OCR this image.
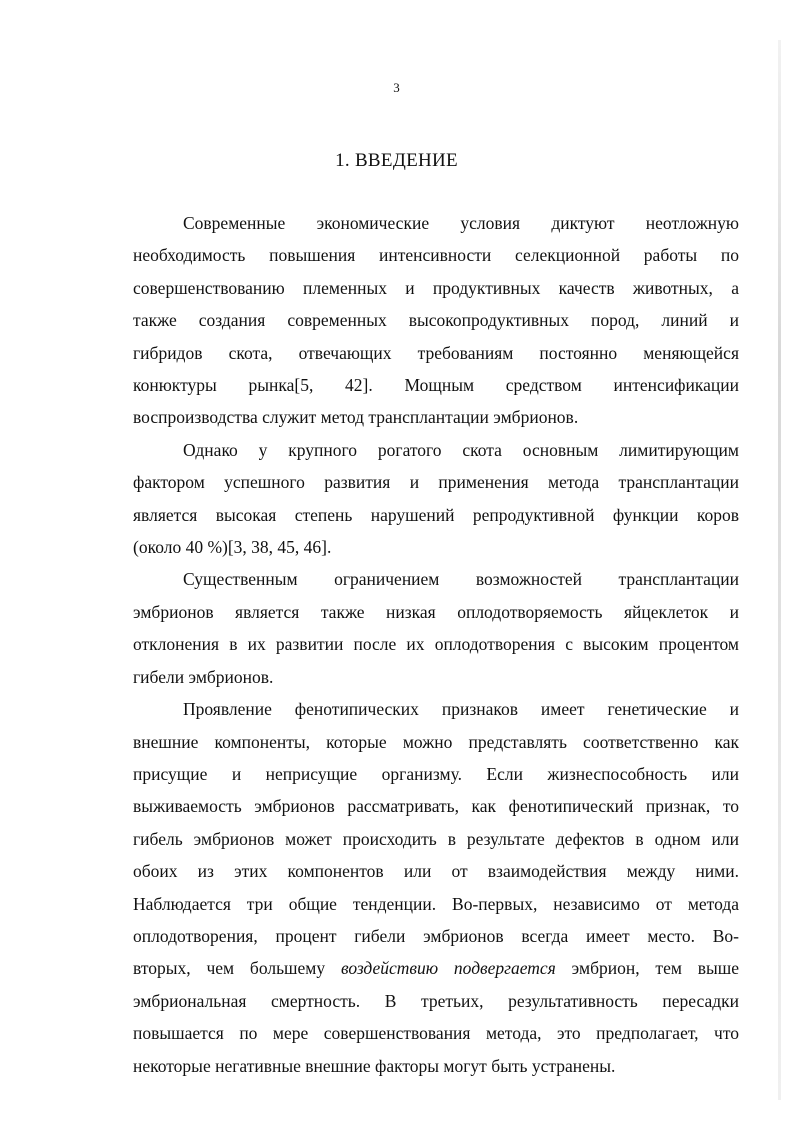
3
1. ВВЕДЕНИЕ
Современные экономические условия диктуют неотложную
необходимость повышения интенсивности селекционной работы по
совершенствованию племенных и продуктивных качеств животных, а
также создания современных высокопродуктивных пород, линий и
гибридов скота, отвечающих требованиям постоянно меняющейся
конюктуры рынка[5, 42]. Мощным средством интенсификации
воспроизводства служит метод трансплантации эмбрионов.
Однако у крупного рогатого скота основным лимитирующим
фактором успешного развития и применения метода трансплантации
является высокая степень нарушений репродуктивной функции коров
(около 40 %)[3, 38, 45, 46].
Существенным ограничением возможностей трансплантации
эмбрионов является также низкая оплодотворяемость яйцеклеток и
отклонения в их развитии после их оплодотворения с высоким процентом
гибели эмбрионов.
Проявление фенотипических признаков имеет генетические и
внешние компоненты, которые можно представлять соответственно как
присущие и неприсущие организму. Если жизнеспособность или
выживаемость эмбрионов рассматривать, как фенотипический признак, то
гибель эмбрионов может происходить в результате дефектов в одном или
обоих из этих компонентов или от взаимодействия между ними.
Наблюдается три общие тенденции. Во-первых, независимо от метода
оплодотворения, процент гибели эмбрионов всегда имеет место. Во-
вторых, чем большему воздействию подвергается эмбрион, тем выше
эмбриональная смертность. В третьих, результативность пересадки
повышается по мере совершенствования метода, это предполагает, что
некоторые негативные внешние факторы могут быть устранены.
